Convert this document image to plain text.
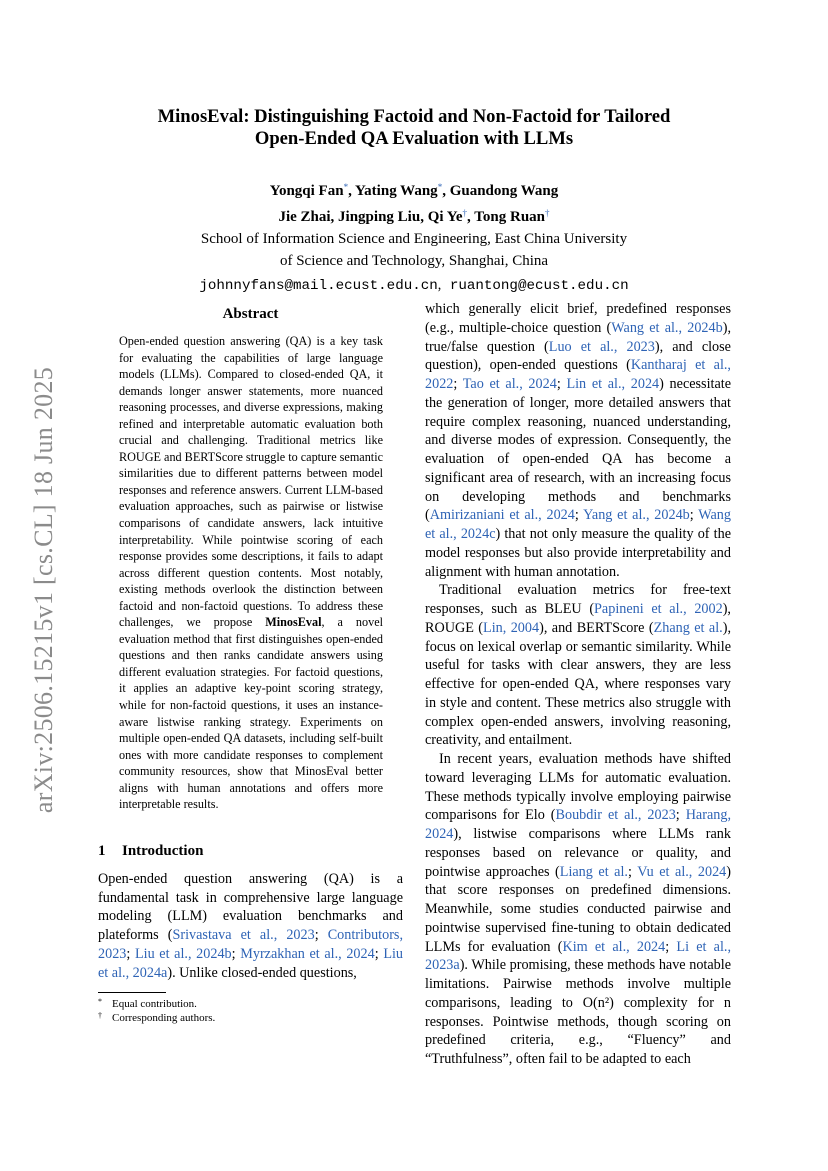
arXiv:2506.15215v1 [cs.CL] 18 Jun 2025
MinosEval: Distinguishing Factoid and Non-Factoid for Tailored
Open-Ended QA Evaluation with LLMs
Yongqi Fan*, Yating Wang*, Guandong Wang
Jie Zhai, Jingping Liu, Qi Ye†, Tong Ruan†
School of Information Science and Engineering, East China University
of Science and Technology, Shanghai, China
johnnyfans@mail.ecust.edu.cn, ruantong@ecust.edu.cn
Abstract

Open-ended question answering (QA) is a key task for evaluating the capabilities of large language models (LLMs). Compared to closed-ended QA, it demands longer answer statements, more nuanced reasoning processes, and diverse expressions, making refined and interpretable automatic evaluation both crucial and challenging. Traditional metrics like ROUGE and BERTScore struggle to capture semantic similarities due to different patterns between model responses and reference answers. Current LLM-based evaluation approaches, such as pairwise or listwise comparisons of candidate answers, lack intuitive interpretability. While pointwise scoring of each response provides some descriptions, it fails to adapt across different question contents. Most notably, existing methods overlook the distinction between factoid and non-factoid questions. To address these challenges, we propose MinosEval, a novel evaluation method that first distinguishes open-ended questions and then ranks candidate answers using different evaluation strategies. For factoid questions, it applies an adaptive key-point scoring strategy, while for non-factoid questions, it uses an instance-aware listwise ranking strategy. Experiments on multiple open-ended QA datasets, including self-built ones with more candidate responses to complement community resources, show that MinosEval better aligns with human annotations and offers more interpretable results.

1 Introduction

Open-ended question answering (QA) is a fundamental task in comprehensive large language modeling (LLM) evaluation benchmarks and plateforms (Srivastava et al., 2023; Contributors, 2023; Liu et al., 2024b; Myrzakhan et al., 2024; Liu et al., 2024a). Unlike closed-ended questions,

* Equal contribution.

† Corresponding authors.

which generally elicit brief, predefined responses (e.g., multiple-choice question (Wang et al., 2024b), true/false question (Luo et al., 2023), and close question), open-ended questions (Kantharaj et al., 2022; Tao et al., 2024; Lin et al., 2024) necessitate the generation of longer, more detailed answers that require complex reasoning, nuanced understanding, and diverse modes of expression. Consequently, the evaluation of open-ended QA has become a significant area of research, with an increasing focus on developing methods and benchmarks (Amirizaniani et al., 2024; Yang et al., 2024b; Wang et al., 2024c) that not only measure the quality of the model responses but also provide interpretability and alignment with human annotation.

Traditional evaluation metrics for free-text responses, such as BLEU (Papineni et al., 2002), ROUGE (Lin, 2004), and BERTScore (Zhang et al.), focus on lexical overlap or semantic similarity. While useful for tasks with clear answers, they are less effective for open-ended QA, where responses vary in style and content. These metrics also struggle with complex open-ended answers, involving reasoning, creativity, and entailment.

In recent years, evaluation methods have shifted toward leveraging LLMs for automatic evaluation. These methods typically involve employing pairwise comparisons for Elo (Boubdir et al., 2023; Harang, 2024), listwise comparisons where LLMs rank responses based on relevance or quality, and pointwise approaches (Liang et al.; Vu et al., 2024) that score responses on predefined dimensions. Meanwhile, some studies conducted pairwise and pointwise supervised fine-tuning to obtain dedicated LLMs for evaluation (Kim et al., 2024; Li et al., 2023a). While promising, these methods have notable limitations. Pairwise methods involve multiple comparisons, leading to O(n²) complexity for n responses. Pointwise methods, though scoring on predefined criteria, e.g., “Fluency” and “Truthfulness”, often fail to be adapted to each
